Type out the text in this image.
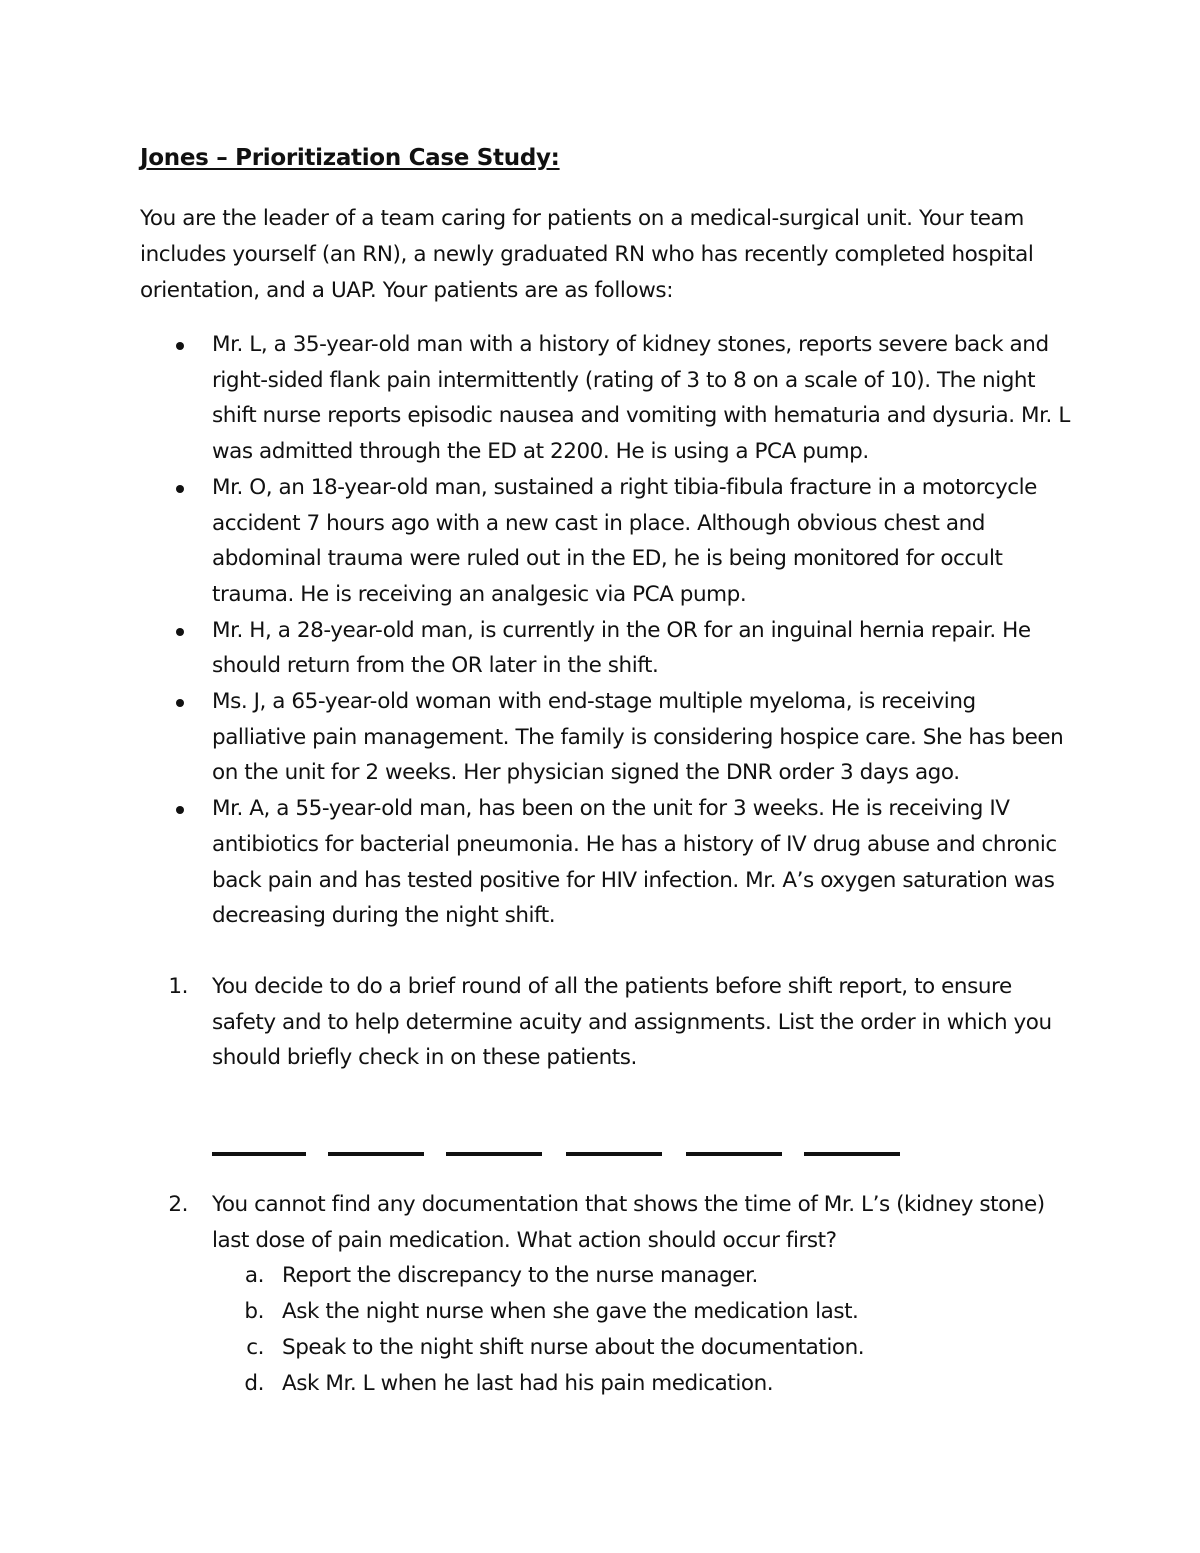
Jones – Prioritization Case Study:
You are the leader of a team caring for patients on a medical-surgical unit. Your team includes yourself (an RN), a newly graduated RN who has recently completed hospital orientation, and a UAP. Your patients are as follows:
Mr. L, a 35-year-old man with a history of kidney stones, reports severe back and right-sided flank pain intermittently (rating of 3 to 8 on a scale of 10). The night shift nurse reports episodic nausea and vomiting with hematuria and dysuria. Mr. L was admitted through the ED at 2200. He is using a PCA pump.
Mr. O, an 18-year-old man, sustained a right tibia-fibula fracture in a motorcycle accident 7 hours ago with a new cast in place. Although obvious chest and abdominal trauma were ruled out in the ED, he is being monitored for occult trauma. He is receiving an analgesic via PCA pump.
Mr. H, a 28-year-old man, is currently in the OR for an inguinal hernia repair. He should return from the OR later in the shift.
Ms. J, a 65-year-old woman with end-stage multiple myeloma, is receiving palliative pain management. The family is considering hospice care. She has been on the unit for 2 weeks. Her physician signed the DNR order 3 days ago.
Mr. A, a 55-year-old man, has been on the unit for 3 weeks. He is receiving IV antibiotics for bacterial pneumonia. He has a history of IV drug abuse and chronic back pain and has tested positive for HIV infection. Mr. A’s oxygen saturation was decreasing during the night shift.
1.	You decide to do a brief round of all the patients before shift report, to ensure safety and to help determine acuity and assignments. List the order in which you should briefly check in on these patients.
2.	You cannot find any documentation that shows the time of Mr. L’s (kidney stone) last dose of pain medication. What action should occur first?
a. Report the discrepancy to the nurse manager.
b. Ask the night nurse when she gave the medication last.
c. Speak to the night shift nurse about the documentation.
d. Ask Mr. L when he last had his pain medication.
